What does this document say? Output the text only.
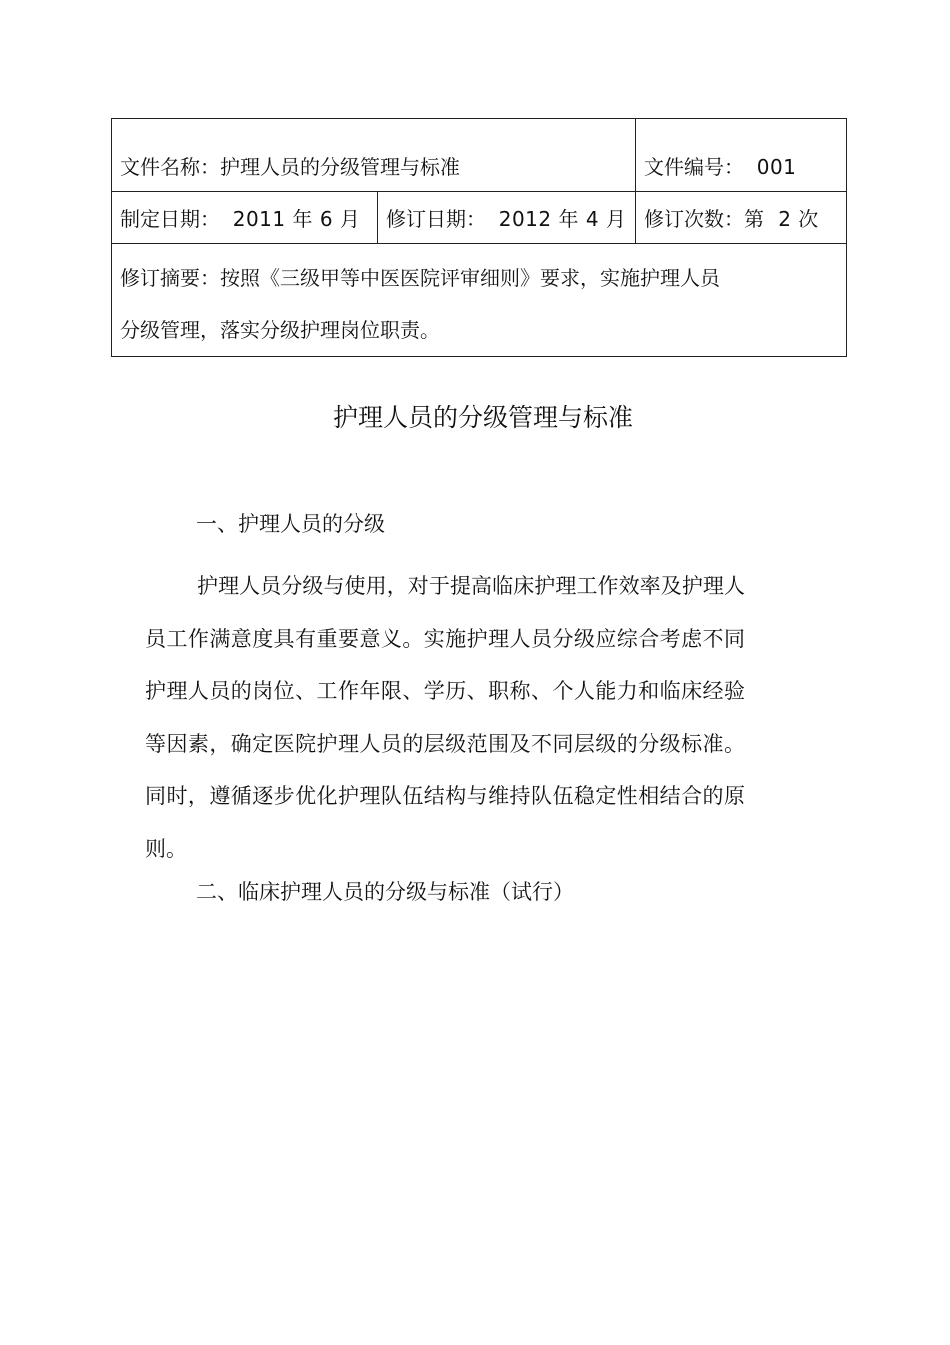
文件名称：护理人员的分级管理与标准		文件编号： 001
制定日期： 2011 年 6 月	修订日期： 2012 年 4 月	修订次数：第  2 次
修订摘要：按照《三级甲等中医医院评审细则》要求，实施护理人员
分级管理，落实分级护理岗位职责。		
护理人员的分级管理与标准
一、护理人员的分级

护理人员分级与使用，对于提高临床护理工作效率及护理人员工作满意度具有重要意义。实施护理人员分级应综合考虑不同护理人员的岗位、工作年限、学历、职称、个人能力和临床经验等因素，确定医院护理人员的层级范围及不同层级的分级标准。同时，遵循逐步优化护理队伍结构与维持队伍稳定性相结合的原则。

二、临床护理人员的分级与标准（试行）
